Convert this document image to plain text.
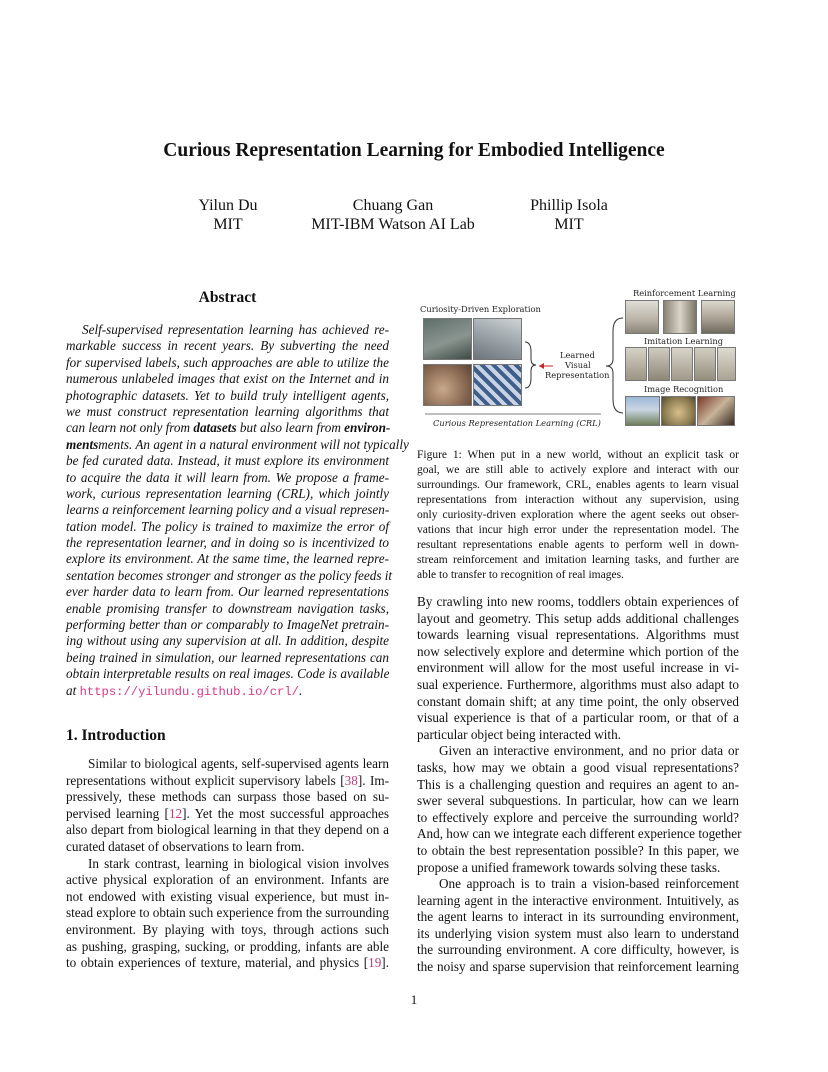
Curious Representation Learning for Embodied Intelligence
Yilun Du
MIT
Chuang Gan
MIT-IBM Watson AI Lab
Phillip Isola
MIT
Abstract
Self-supervised representation learning has achieved re-
markable success in recent years. By subverting the need
for supervised labels, such approaches are able to utilize the
numerous unlabeled images that exist on the Internet and in
photographic datasets. Yet to build truly intelligent agents,
we must construct representation learning algorithms that
can learn not only from datasets but also learn from environ-
mentsments. An agent in a natural environment will not typically
be fed curated data. Instead, it must explore its environment
to acquire the data it will learn from. We propose a frame-
work, curious representation learning (CRL), which jointly
learns a reinforcement learning policy and a visual represen-
tation model. The policy is trained to maximize the error of
the representation learner, and in doing so is incentivized to
explore its environment. At the same time, the learned repre-
sentation becomes stronger and stronger as the policy feeds it
ever harder data to learn from. Our learned representations
enable promising transfer to downstream navigation tasks,
performing better than or comparably to ImageNet pretrain-
ing without using any supervision at all. In addition, despite
being trained in simulation, our learned representations can
obtain interpretable results on real images. Code is available
at https://yilundu.github.io/crl/.
1. Introduction
Similar to biological agents, self-supervised agents learn
representations without explicit supervisory labels [38]. Im-
pressively, these methods can surpass those based on su-
pervised learning [12]. Yet the most successful approaches
also depart from biological learning in that they depend on a
curated dataset of observations to learn from.
In stark contrast, learning in biological vision involves
active physical exploration of an environment. Infants are
not endowed with existing visual experience, but must in-
stead explore to obtain such experience from the surrounding
environment. By playing with toys, through actions such
as pushing, grasping, sucking, or prodding, infants are able
to obtain experiences of texture, material, and physics [19].
Curiosity-Driven Exploration
Learned
Visual
Representation
Curious Representation Learning (CRL)
Reinforcement Learning
Imitation Learning
Image Recognition
Figure 1: When put in a new world, without an explicit task or
goal, we are still able to actively explore and interact with our
surroundings. Our framework, CRL, enables agents to learn visual
representations from interaction without any supervision, using
only curiosity-driven exploration where the agent seeks out obser-
vations that incur high error under the representation model. The
resultant representations enable agents to perform well in down-
stream reinforcement and imitation learning tasks, and further are
able to transfer to recognition of real images.
By crawling into new rooms, toddlers obtain experiences of
layout and geometry. This setup adds additional challenges
towards learning visual representations. Algorithms must
now selectively explore and determine which portion of the
environment will allow for the most useful increase in vi-
sual experience. Furthermore, algorithms must also adapt to
constant domain shift; at any time point, the only observed
visual experience is that of a particular room, or that of a
particular object being interacted with.
Given an interactive environment, and no prior data or
tasks, how may we obtain a good visual representations?
This is a challenging question and requires an agent to an-
swer several subquestions. In particular, how can we learn
to effectively explore and perceive the surrounding world?
And, how can we integrate each different experience together
to obtain the best representation possible? In this paper, we
propose a unified framework towards solving these tasks.
One approach is to train a vision-based reinforcement
learning agent in the interactive environment. Intuitively, as
the agent learns to interact in its surrounding environment,
its underlying vision system must also learn to understand
the surrounding environment. A core difficulty, however, is
the noisy and sparse supervision that reinforcement learning
1
